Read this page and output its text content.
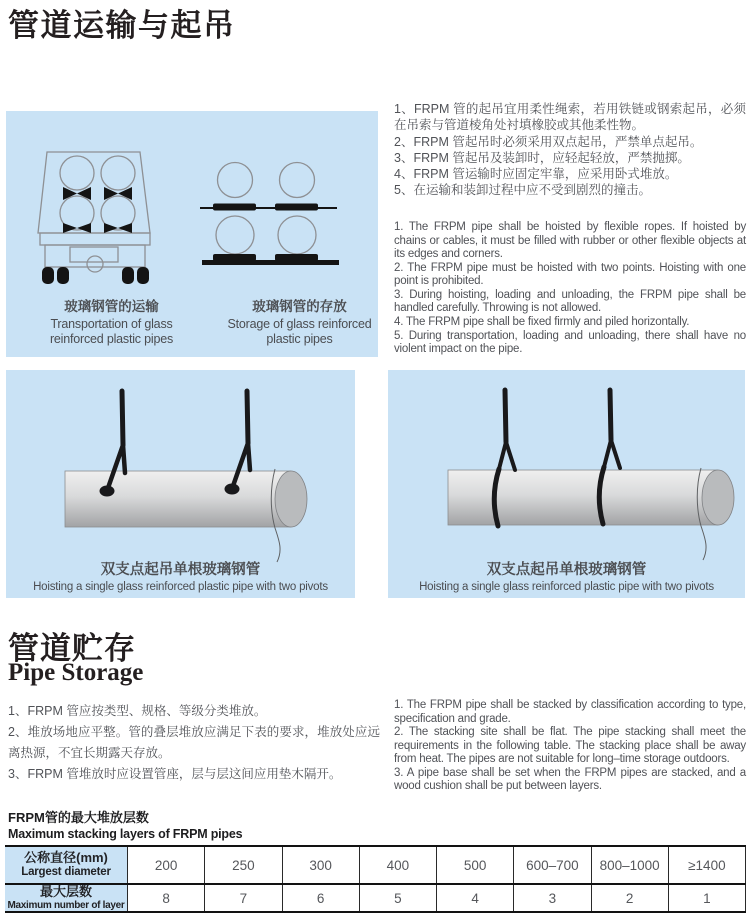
管道运输与起吊

玻璃钢管的运输

Transportation of glass

reinforced plastic pipes

玻璃钢管的存放

Storage of glass reinforced

plastic pipes

1、FRPM 管的起吊宜用柔性绳索，若用铁链或钢索起吊，必须在吊索与管道棱角处衬填橡胶或其他柔性物。

2、FRPM 管起吊时必须采用双点起吊，严禁单点起吊。

3、FRPM 管起吊及装卸时，应轻起轻放，严禁抛掷。

4、FRPM 管运输时应固定牢靠，应采用卧式堆放。

5、在运输和装卸过程中应不受到剧烈的撞击。

1. The FRPM pipe shall be hoisted by flexible ropes. If hoisted by chains or cables, it must be filled with rubber or other flexible objects at its edges and corners.

2. The FRPM pipe must be hoisted with two points. Hoisting with one point is prohibited.

3. During hoisting, loading and unloading, the FRPM pipe shall be handled carefully. Throwing is not allowed.

4. The FRPM pipe shall be fixed firmly and piled horizontally.

5. During transportation, loading and unloading, there shall have no violent impact on the pipe.

双支点起吊单根玻璃钢管

Hoisting a single glass reinforced plastic pipe with two pivots

双支点起吊单根玻璃钢管

Hoisting a single glass reinforced plastic pipe with two pivots

管道贮存
Pipe Storage

1、FRPM 管应按类型、规格、等级分类堆放。

2、堆放场地应平整。管的叠层堆放应满足下表的要求，堆放处应远离热源，不宜长期露天存放。

3、FRPM 管堆放时应设置管座，层与层这间应用垫木隔开。

1. The FRPM pipe shall be stacked by classification according to type, specification and grade.

2. The stacking site shall be flat. The pipe stacking shall meet the requirements in the following table. The stacking place shall be away from heat. The pipes are not suitable for long–time storage outdoors.

3. A pipe base shall be set when the FRPM pipes are stacked, and a wood cushion shall be put between layers.

FRPM管的最大堆放层数

Maximum stacking layers of FRPM pipes

公称直径(mm)
Largest diameter	200	250	300	400	500	600–700	800–1000	≥1400
最大层数
Maximum number of layer	8	7	6	5	4	3	2	1
